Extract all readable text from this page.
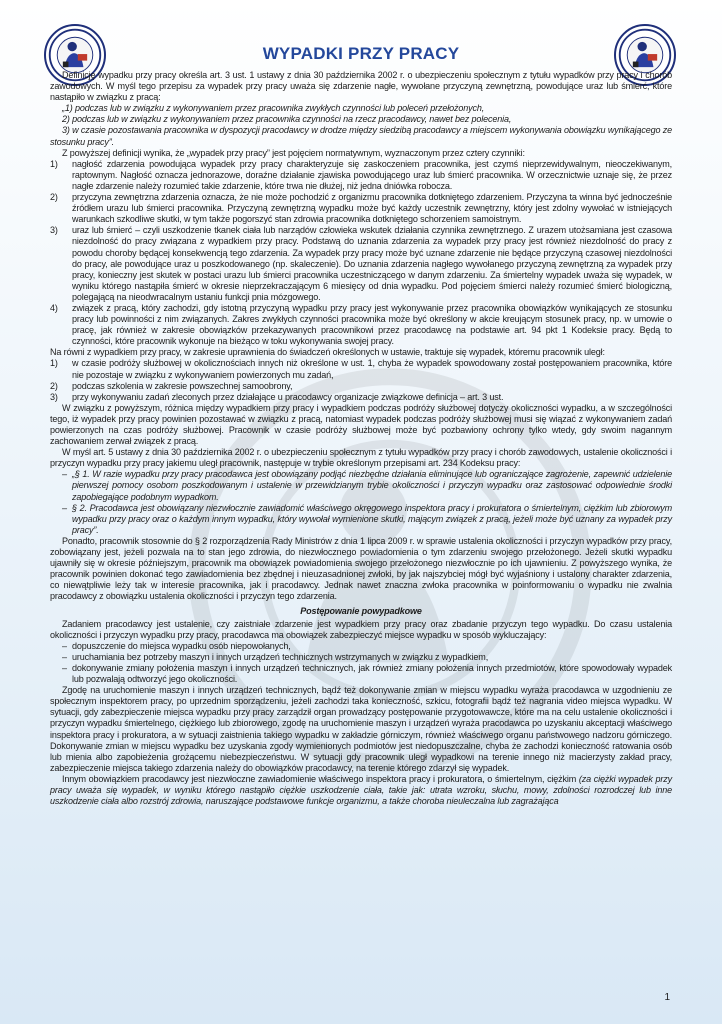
WYPADKI PRZY PRACY

Definicję wypadku przy pracy określa art. 3 ust. 1 ustawy z dnia 30 października 2002 r. o ubezpieczeniu społecznym z tytułu wypadków przy pracy i chorób zawodowych. W myśl tego przepisu za wypadek przy pracy uważa się zdarzenie nagłe, wywołane przyczyną zewnętrzną, powodujące uraz lub śmierć, które nastąpiło w związku z pracą:

„1) podczas lub w związku z wykonywaniem przez pracownika zwykłych czynności lub poleceń przełożonych,

2) podczas lub w związku z wykonywaniem przez pracownika czynności na rzecz pracodawcy, nawet bez polecenia,

3) w czasie pozostawania pracownika w dyspozycji pracodawcy w drodze między siedzibą pracodawcy a miejscem wykonywania obowiązku wynikającego ze stosunku pracy”.

Z powyższej definicji wynika, że „wypadek przy pracy” jest pojęciem normatywnym, wyznaczonym przez cztery czynniki:

1) nagłość zdarzenia powodująca wypadek przy pracy charakteryzuje się zaskoczeniem pracownika, jest czymś nieprzewidywalnym, nieoczekiwanym, raptownym. Nagłość oznacza jednorazowe, doraźne działanie zjawiska powodującego uraz lub śmierć pracownika. W orzecznictwie uznaje się, że przez nagłe zdarzenie należy rozumieć takie zdarzenie, które trwa nie dłużej, niż jedna dniówka robocza.
2) przyczyna zewnętrzna zdarzenia oznacza, że nie może pochodzić z organizmu pracownika dotkniętego zdarzeniem. Przyczyna ta winna być jednocześnie źródłem urazu lub śmierci pracownika. Przyczyną zewnętrzną wypadku może być każdy uczestnik zewnętrzny, który jest zdolny wywołać w istniejących warunkach szkodliwe skutki, w tym także pogorszyć stan zdrowia pracownika dotkniętego schorzeniem samoistnym.
3) uraz lub śmierć – czyli uszkodzenie tkanek ciała lub narządów człowieka wskutek działania czynnika zewnętrznego. Z urazem utożsamiana jest czasowa niezdolność do pracy związana z wypadkiem przy pracy. Podstawą do uznania zdarzenia za wypadek przy pracy jest również niezdolność do pracy z powodu choroby będącej konsekwencją tego zdarzenia. Za wypadek przy pracy może być uznane zdarzenie nie będące przyczyną czasowej niezdolności do pracy, ale powodujące uraz u poszkodowanego (np. skaleczenie). Do uznania zdarzenia nagłego wywołanego przyczyną zewnętrzną za wypadek przy pracy, konieczny jest skutek w postaci urazu lub śmierci pracownika uczestniczącego w danym zdarzeniu. Za śmiertelny wypadek uważa się wypadek, w wyniku którego nastąpiła śmierć w okresie nieprzekraczającym 6 miesięcy od dnia wypadku. Pod pojęciem śmierci należy rozumieć śmierć biologiczną, polegającą na nieodwracalnym ustaniu funkcji pnia mózgowego.
4) związek z pracą, który zachodzi, gdy istotną przyczyną wypadku przy pracy jest wykonywanie przez pracownika obowiązków wynikających ze stosunku pracy lub powinności z nim związanych. Zakres zwykłych czynności pracownika może być określony w akcie kreującym stosunek pracy, np. w umowie o pracę, jak również w zakresie obowiązków przekazywanych pracownikowi przez pracodawcę na podstawie art. 94 pkt 1 Kodeksie pracy. Będą to czynności, które pracownik wykonuje na bieżąco w toku wykonywania swojej pracy.

Na równi z wypadkiem przy pracy, w zakresie uprawnienia do świadczeń określonych w ustawie, traktuje się wypadek, któremu pracownik uległ:

1) w czasie podróży służbowej w okolicznościach innych niż określone w ust. 1, chyba że wypadek spowodowany został postępowaniem pracownika, które nie pozostaje w związku z wykonywaniem powierzonych mu zadań,
2) podczas szkolenia w zakresie powszechnej samoobrony,
3) przy wykonywaniu zadań zleconych przez działające u pracodawcy organizacje związkowe definicja – art. 3 ust.

W związku z powyższym, różnica między wypadkiem przy pracy i wypadkiem podczas podróży służbowej dotyczy okoliczności wypadku, a w szczególności tego, iż wypadek przy pracy powinien pozostawać w związku z pracą, natomiast wypadek podczas podróży służbowej musi się wiązać z wykonywaniem zadań powierzonych na czas podróży służbowej. Pracownik w czasie podróży służbowej może być pozbawiony ochrony tylko wtedy, gdy swoim nagannym zachowaniem zerwał związek z pracą.

W myśl art. 5 ustawy z dnia 30 października 2002 r. o ubezpieczeniu społecznym z tytułu wypadków przy pracy i chorób zawodowych, ustalenie okoliczności i przyczyn wypadku przy pracy jakiemu uległ pracownik, następuje w trybie określonym przepisami art. 234 Kodeksu pracy:

– „§ 1. W razie wypadku przy pracy pracodawca jest obowiązany podjąć niezbędne działania eliminujące lub ograniczające zagrożenie, zapewnić udzielenie pierwszej pomocy osobom poszkodowanym i ustalenie w przewidzianym trybie okoliczności i przyczyn wypadku oraz zastosować odpowiednie środki zapobiegające podobnym wypadkom.
– § 2. Pracodawca jest obowiązany niezwłocznie zawiadomić właściwego okręgowego inspektora pracy i prokuratora o śmiertelnym, ciężkim lub zbiorowym wypadku przy pracy oraz o każdym innym wypadku, który wywołał wymienione skutki, mającym związek z pracą, jeżeli może być uznany za wypadek przy pracy”.

Ponadto, pracownik stosownie do § 2 rozporządzenia Rady Ministrów z dnia 1 lipca 2009 r. w sprawie ustalenia okoliczności i przyczyn wypadków przy pracy, zobowiązany jest, jeżeli pozwala na to stan jego zdrowia, do niezwłocznego powiadomienia o tym zdarzeniu swojego przełożonego. Jeżeli skutki wypadku ujawniły się w okresie późniejszym, pracownik ma obowiązek powiadomienia swojego przełożonego niezwłocznie po ich ujawnieniu. Z powyższego wynika, że pracownik powinien dokonać tego zawiadomienia bez zbędnej i nieuzasadnionej zwłoki, by jak najszybciej mógł być wyjaśniony i ustalony charakter zdarzenia, co niewątpliwie leży tak w interesie pracownika, jak i pracodawcy. Jednak nawet znaczna zwłoka pracownika w poinformowaniu o wypadku nie zwalnia pracodawcy z obowiązku ustalenia okoliczności i przyczyn tego zdarzenia.

Postępowanie powypadkowe

Zadaniem pracodawcy jest ustalenie, czy zaistniałe zdarzenie jest wypadkiem przy pracy oraz zbadanie przyczyn tego wypadku. Do czasu ustalenia okoliczności i przyczyn wypadku przy pracy, pracodawca ma obowiązek zabezpieczyć miejsce wypadku w sposób wykluczający:

– dopuszczenie do miejsca wypadku osób niepowołanych,
– uruchamiania bez potrzeby maszyn i innych urządzeń technicznych wstrzymanych w związku z wypadkiem,
– dokonywanie zmiany położenia maszyn i innych urządzeń technicznych, jak również zmiany położenia innych przedmiotów, które spowodowały wypadek lub pozwalają odtworzyć jego okoliczności.

Zgodę na uruchomienie maszyn i innych urządzeń technicznych, bądź też dokonywanie zmian w miejscu wypadku wyraża pracodawca w uzgodnieniu ze społecznym inspektorem pracy, po uprzednim sporządzeniu, jeżeli zachodzi taka konieczność, szkicu, fotografii bądź też nagrania video miejsca wypadku. W sytuacji, gdy zabezpieczenie miejsca wypadku przy pracy zarządził organ prowadzący postępowanie przygotowawcze, które ma na celu ustalenie okoliczności i przyczyn wypadku śmiertelnego, ciężkiego lub zbiorowego, zgodę na uruchomienie maszyn i urządzeń wyraża pracodawca po uzyskaniu akceptacji właściwego inspektora pracy i prokuratora, a w sytuacji zaistnienia takiego wypadku w zakładzie górniczym, również właściwego organu państwowego nadzoru górniczego. Dokonywanie zmian w miejscu wypadku bez uzyskania zgody wymienionych podmiotów jest niedopuszczalne, chyba że zachodzi konieczność ratowania osób lub mienia albo zapobieżenia grożącemu niebezpieczeństwu. W sytuacji gdy pracownik uległ wypadkowi na terenie innego niż macierzysty zakład pracy, zabezpieczenie miejsca takiego zdarzenia należy do obowiązków pracodawcy, na terenie którego zdarzył się wypadek.

Innym obowiązkiem pracodawcy jest niezwłoczne zawiadomienie właściwego inspektora pracy i prokuratora, o śmiertelnym, ciężkim (za ciężki wypadek przy pracy uważa się wypadek, w wyniku którego nastąpiło ciężkie uszkodzenie ciała, takie jak: utrata wzroku, słuchu, mowy, zdolności rozrodczej lub inne uszkodzenie ciała albo rozstrój zdrowia, naruszające podstawowe funkcje organizmu, a także choroba nieuleczalna lub zagrażająca

1
